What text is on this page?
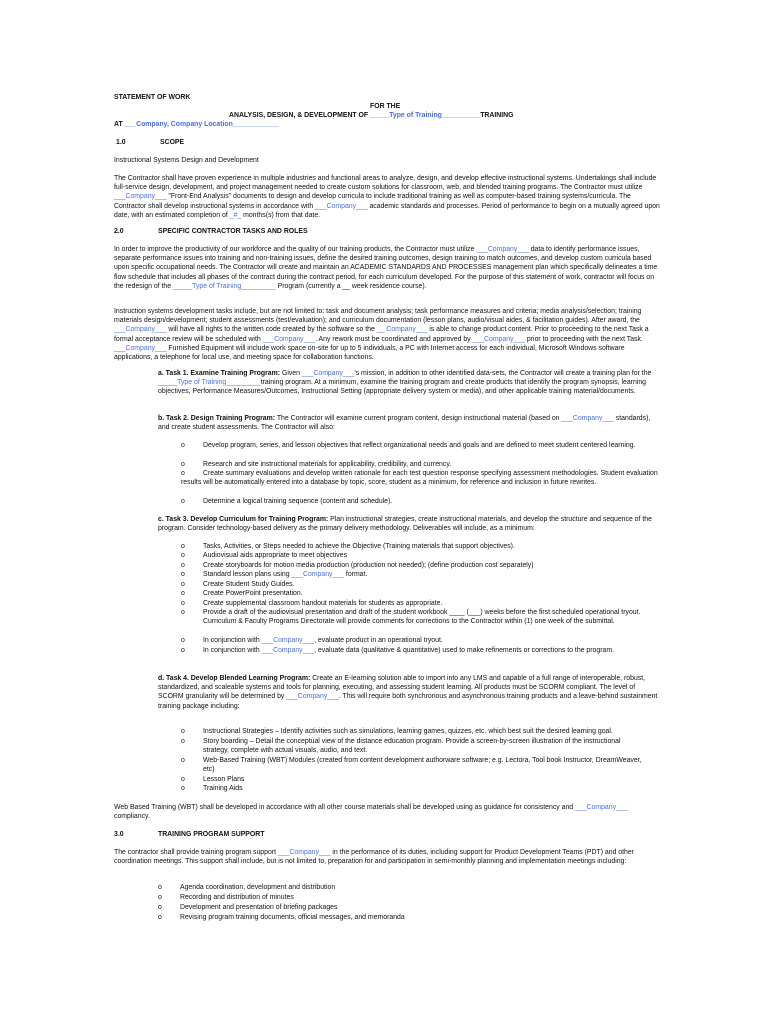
STATEMENT OF WORK
FOR THE
ANALYSIS, DESIGN, & DEVELOPMENT OF _____Type of Training__________TRAINING
AT ___Company, Company Location____________
1.0	SCOPE
Instructional Systems Design and Development
The Contractor shall have proven experience in multiple industries and functional areas to analyze, design, and develop effective instructional systems. Undertakings shall include full-service design, development, and project management needed to create custom solutions for classroom, web, and blended training programs. The Contractor must utilize ___Company___ "Front-End Analysis" documents to design and develop curricula to include traditional training as well as computer-based training systems/curricula. The Contractor shall develop instructional systems in accordance with ___Company___ academic standards and processes. Period of performance to begin on a mutually agreed upon date, with an estimated completion of _#_ months(s) from that date.
2.0	SPECIFIC CONTRACTOR TASKS AND ROLES
In order to improve the productivity of our workforce and the quality of our training products, the Contractor must utilize ___Company___ data to identify performance issues, separate performance issues into training and non-training issues, define the desired training outcomes, design training to match outcomes, and develop custom curricula based upon specific occupational needs. The Contractor will create and maintain an ACADEMIC STANDARDS AND PROCESSES management plan which specifically delineates a time flow schedule that includes all phases of the contract during the contract period, for each curriculum developed. For the purpose of this statement of work, contractor will focus on the redesign of the _____Type of Training_________ Program (currently a __ week residence course).
Instruction systems development tasks include, but are not limited to: task and document analysis; task performance measures and criteria; media analysis/selection; training materials design/development; student assessments (test/evaluation); and curriculum documentation (lesson plans, audio/visual aides, & facilitation guides). After award, the ___Company___ will have all rights to the written code created by the software so the __ Company___ is able to change product content. Prior to proceeding to the next Task a formal acceptance review will be scheduled with ___Company___. Any rework must be coordinated and approved by ___Company___ prior to proceeding with the next Task. ___Company___ Furnished Equipment will include work space on-site for up to 5 individuals, a PC with Internet access for each individual, Microsoft Windows software applications, a telephone for local use, and meeting space for collaboration functions.
a. Task 1. Examine Training Program: Given ___Company___'s mission, in addition to other identified data-sets, the Contractor will create a training plan for the _____Type of Training_________training program. At a minimum, examine the training program and create products that identify the program synopsis, learning objectives, Performance Measures/Outcomes, Instructional Setting (appropriate delivery system or media), and other applicable training material/documents.
b. Task 2. Design Training Program: The Contractor will examine current program content, design instructional material (based on ___Company___ standards), and create student assessments. The Contractor will also:
o	Develop program, series, and lesson objectives that reflect organizational needs and goals and are defined to meet student centered learning.
o	Research and site instructional materials for applicability, credibility, and currency.
o	Create summary evaluations and develop written rationale for each test question response specifying assessment methodologies. Student evaluation results will be automatically entered into a database by topic, score, student as a minimum, for reference and inclusion in future rewrites.
o	Determine a logical training sequence (content and schedule).
c. Task 3. Develop Curriculum for Training Program: Plan instructional strategies, create instructional materials, and develop the structure and sequence of the program. Consider technology-based delivery as the primary delivery methodology. Deliverables will include, as a minimum:
o	Tasks, Activities, or Steps needed to achieve the Objective (Training materials that support objectives).
o	Audiovisual aids appropriate to meet objectives
o	Create storyboards for motion media production (production not needed); (define production cost separately)
o	Standard lesson plans using ___Company___ format.
o	Create Student Study Guides.
o	Create PowerPoint presentation.
o	Create supplemental classroom handout materials for students as appropriate.
o	Provide a draft of the audiovisual presentation and draft of the student workbook ____ (___) weeks before the first scheduled operational tryout. Curriculum & Faculty Programs Directorate will provide comments for corrections to the Contractor within (1) one week of the submittal.
o	In conjunction with ___Company___, evaluate product in an operational tryout.
o	In conjunction with ___Company___, evaluate data (qualitative & quantitative) used to make refinements or corrections to the program.
d. Task 4. Develop Blended Learning Program: Create an E-learning solution able to import into any LMS and capable of a full range of interoperable, robust, standardized, and scaleable systems and tools for planning, executing, and assessing student learning. All products must be SCORM compliant. The level of SCORM granularity will be determined by ___Company___. This will require both synchronous and asynchronous training products and a leave-behind sustainment training package including:
o	Instructional Strategies – Identify activities such as simulations, learning games, quizzes, etc. which best suit the desired learning goal.
o	Story boarding – Detail the conceptual view of the distance education program. Provide a screen-by-screen illustration of the instructional strategy, complete with actual visuals, audio, and text.
o	Web-Based Training (WBT) Modules (created from content development authorware software; e.g. Lectora, Tool book Instructor, DreamWeaver, etc)
o	Lesson Plans
o	Training Aids
Web Based Training (WBT) shall be developed in accordance with all other course materials shall be developed using as guidance for consistency and ___Company___ compliancy.
3.0	TRAINING PROGRAM SUPPORT
The contractor shall provide training program support ___Company___ in the performance of its duties, including support for Product Development Teams (PDT) and other coordination meetings. This support shall include, but is not limited to, preparation for and participation in semi-monthly planning and implementation meetings including:
o	Agenda coordination, development and distribution
o	Recording and distribution of minutes
o	Development and presentation of briefing packages
o	Revising program training documents, official messages, and memoranda
